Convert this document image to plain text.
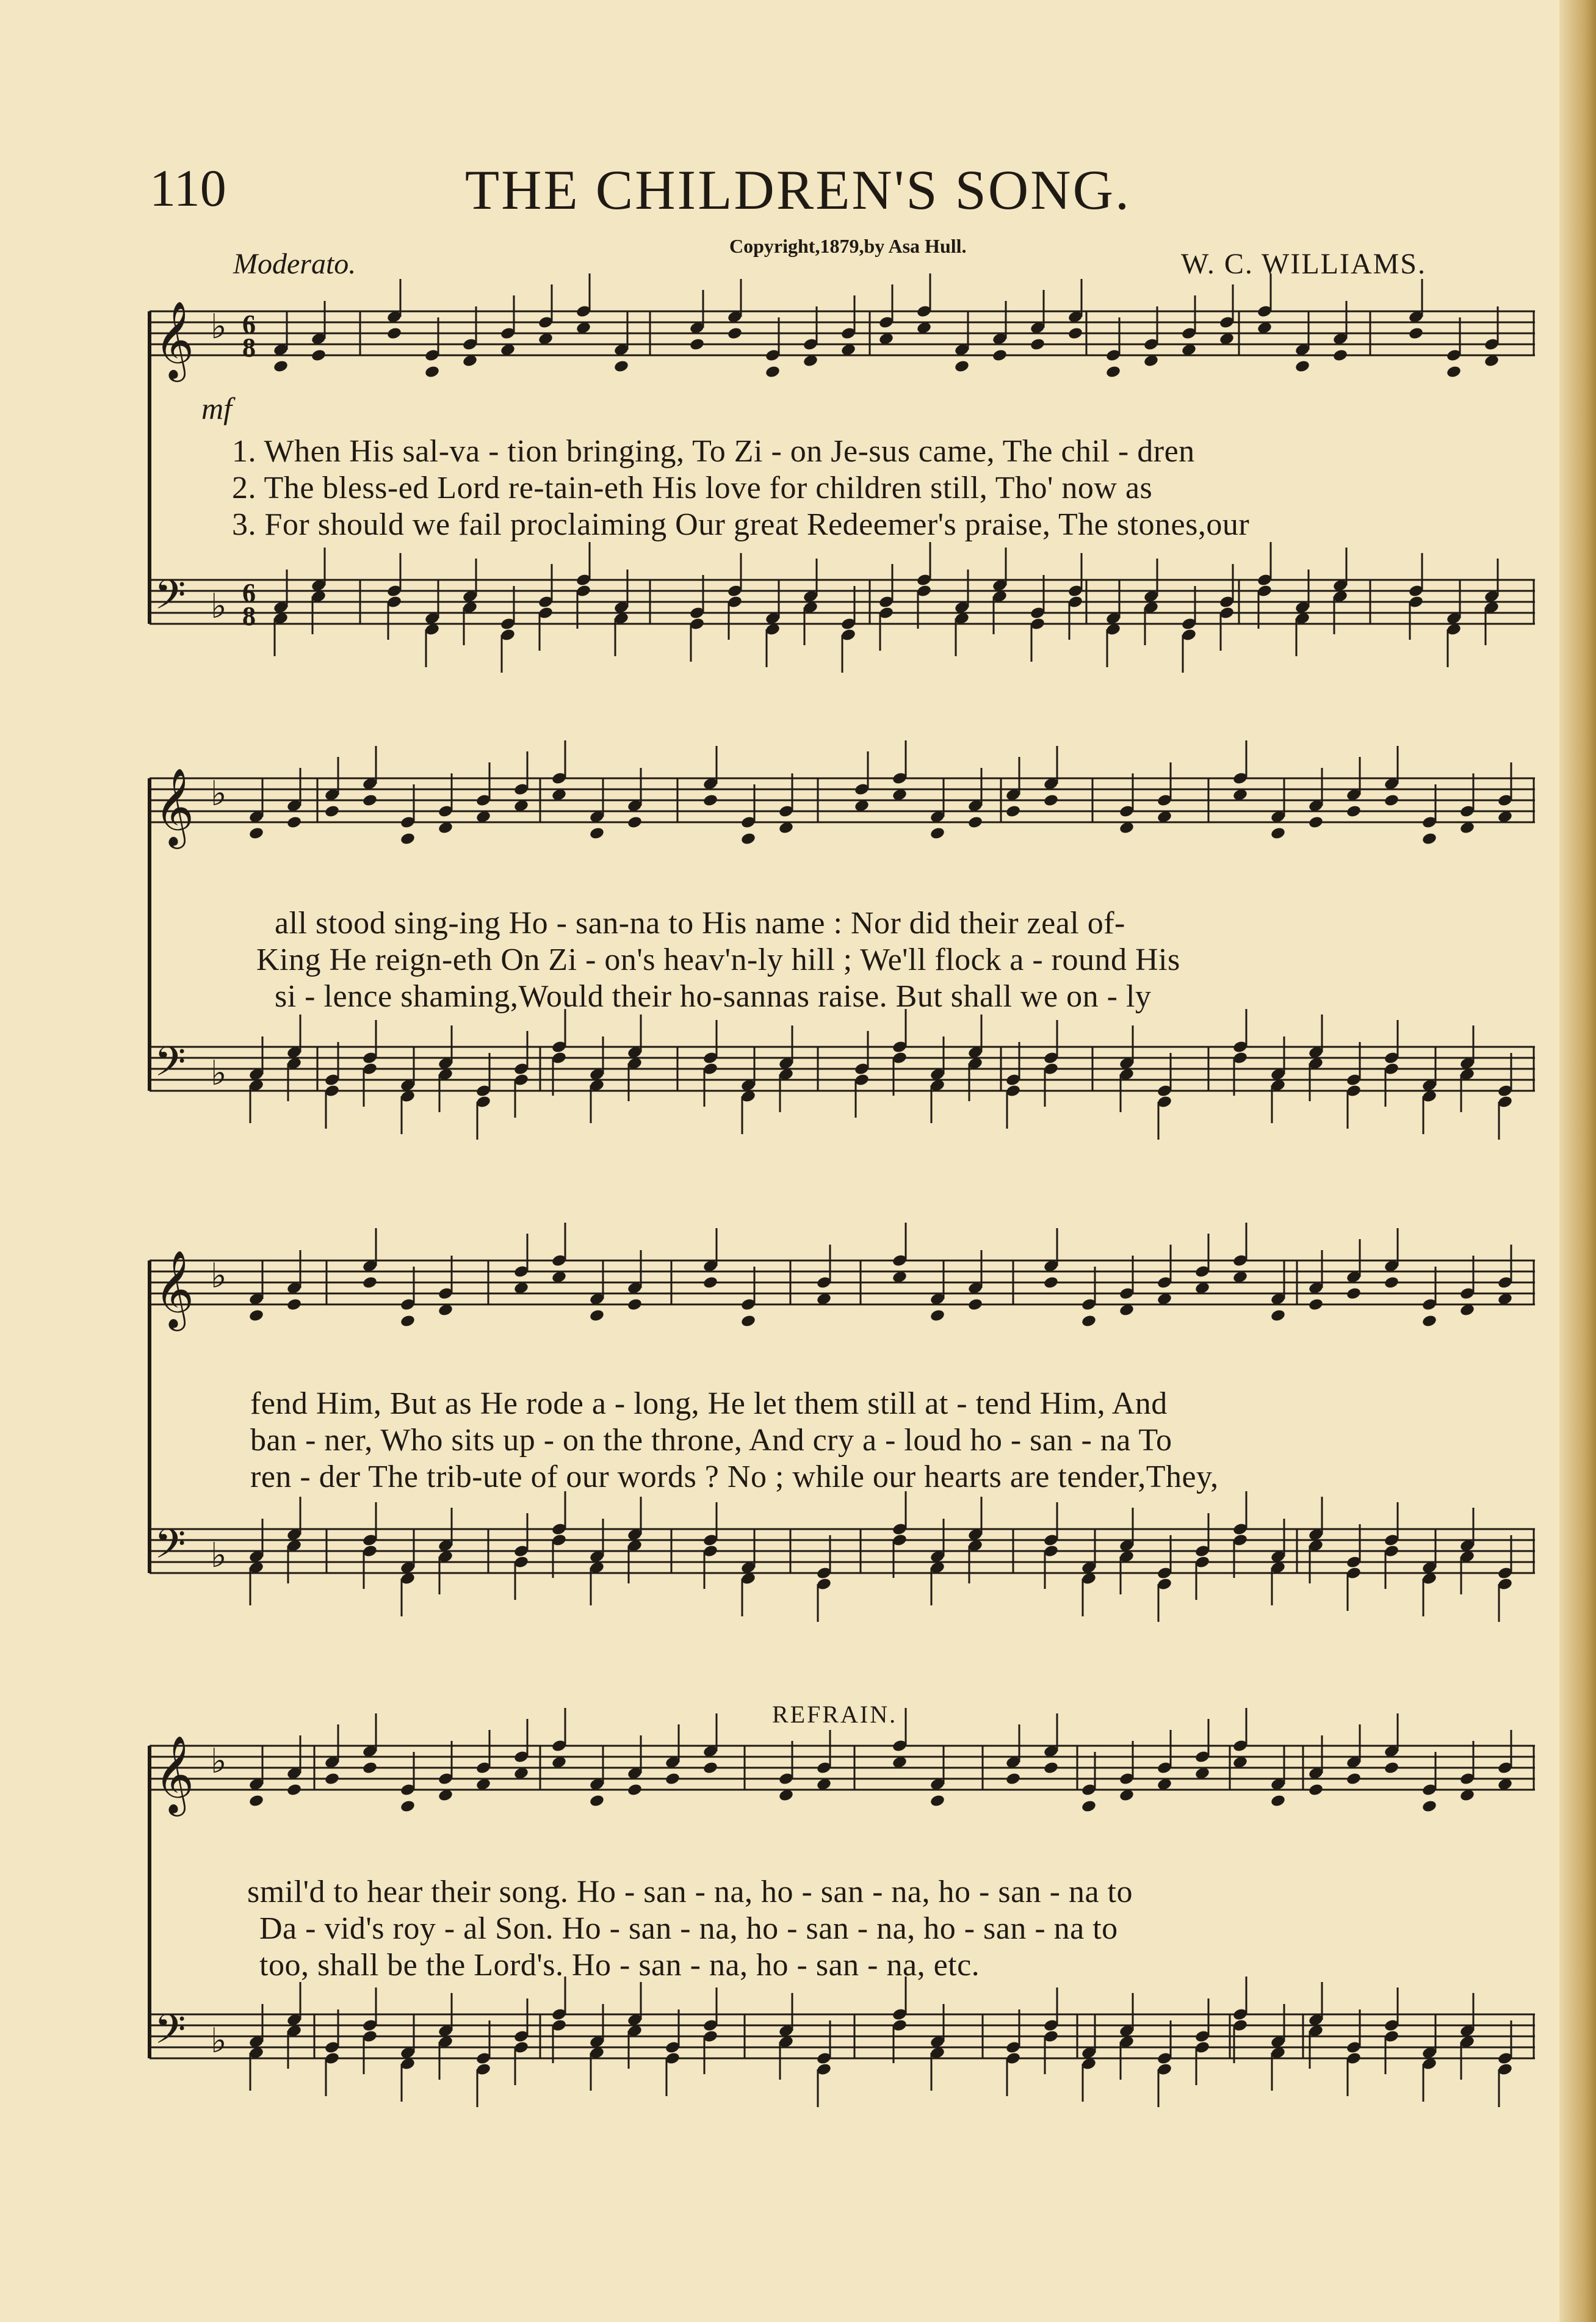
110	THE CHILDREN'S SONG.
Copyright,1879,by Asa Hull.
Moderato.	W. C. WILLIAMS.
mf
REFRAIN.
𝄞
𝄢
♭
♭
6
8
6
8
1. When His sal-va - tion bringing, To Zi - on Je-sus came, The chil - dren
2. The bless-ed Lord re-tain-eth His love for children still, Tho' now as
3. For should we fail proclaiming Our great Redeemer's praise, The stones,our
𝄞
𝄢
♭
♭
all stood sing-ing Ho - san-na to His name : Nor did their zeal of-
King He reign-eth On Zi - on's heav'n-ly hill ; We'll flock a - round His
si - lence shaming,Would their ho-sannas raise. But shall we on - ly
𝄞
𝄢
♭
♭
fend Him, But as He rode a - long, He let them still at - tend Him, And
ban - ner, Who sits up - on the throne, And cry a - loud ho - san - na To
ren - der The trib-ute of our words ? No ; while our hearts are tender,They,
𝄞
𝄢
♭
♭
smil'd to hear their song. Ho - san - na, ho - san - na, ho - san - na to
Da - vid's roy - al Son. Ho - san - na, ho - san - na, ho - san - na to
too, shall be the Lord's. Ho - san - na, ho - san - na, etc.
